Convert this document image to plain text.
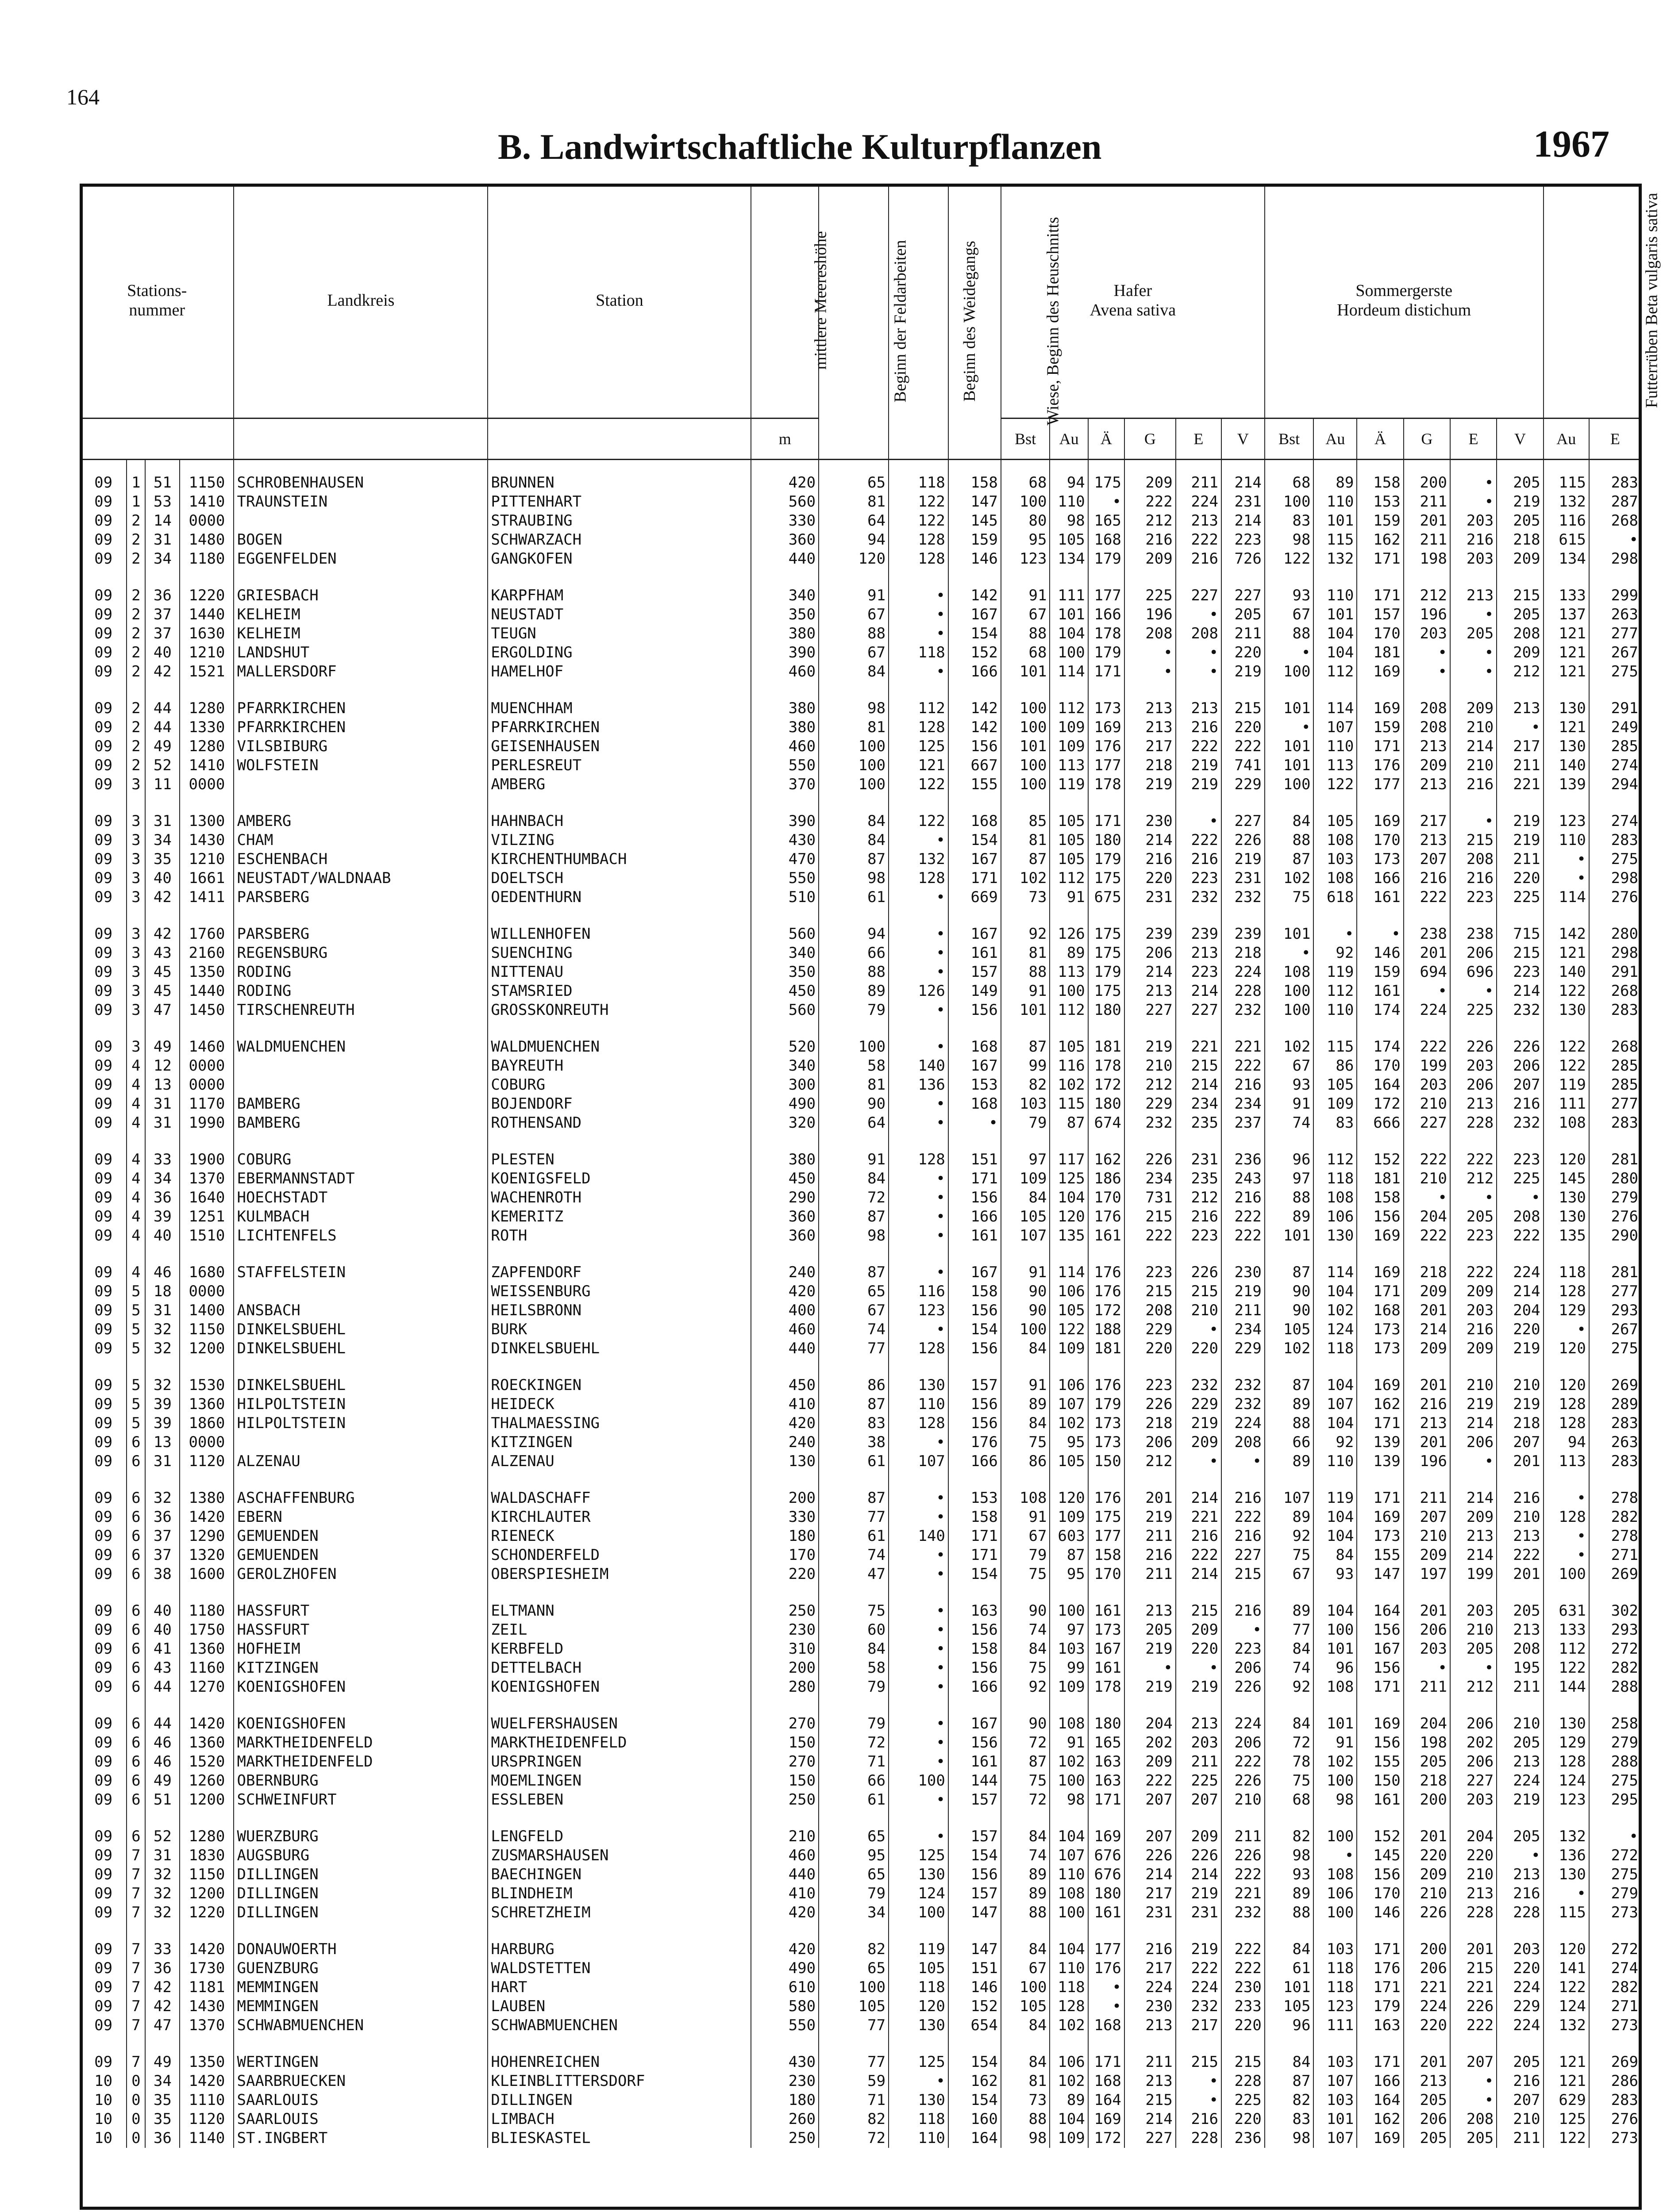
164
B. Landwirtschaftliche Kulturpflanzen	1967
Stations-
nummer				Landkreis	Station	mittlere Meereshöhe	Beginn der Feldarbeiten	Beginn des Weidegangs	Wiese, Beginn des Heuschnitts	Hafer
Avena sativa						Sommergerste
Hordeum distichum						Futterrüben Beta vulgaris sativa	
						m				Bst	Au	Ä	G	E	V	Bst	Au	Ä	G	E	V	Au	E
09	1	51	1150	SCHROBENHAUSEN	BRUNNEN	420	65	118	158	68	94	175	209	211	214	68	89	158	200	•	205	115	283
09	1	53	1410	TRAUNSTEIN	PITTENHART	560	81	122	147	100	110	•	222	224	231	100	110	153	211	•	219	132	287
09	2	14	0000		STRAUBING	330	64	122	145	80	98	165	212	213	214	83	101	159	201	203	205	116	268
09	2	31	1480	BOGEN	SCHWARZACH	360	94	128	159	95	105	168	216	222	223	98	115	162	211	216	218	615	•
09	2	34	1180	EGGENFELDEN	GANGKOFEN	440	120	128	146	123	134	179	209	216	726	122	132	171	198	203	209	134	298

09	2	36	1220	GRIESBACH	KARPFHAM	340	91	•	142	91	111	177	225	227	227	93	110	171	212	213	215	133	299
09	2	37	1440	KELHEIM	NEUSTADT	350	67	•	167	67	101	166	196	•	205	67	101	157	196	•	205	137	263
09	2	37	1630	KELHEIM	TEUGN	380	88	•	154	88	104	178	208	208	211	88	104	170	203	205	208	121	277
09	2	40	1210	LANDSHUT	ERGOLDING	390	67	118	152	68	100	179	•	•	220	•	104	181	•	•	209	121	267
09	2	42	1521	MALLERSDORF	HAMELHOF	460	84	•	166	101	114	171	•	•	219	100	112	169	•	•	212	121	275

09	2	44	1280	PFARRKIRCHEN	MUENCHHAM	380	98	112	142	100	112	173	213	213	215	101	114	169	208	209	213	130	291
09	2	44	1330	PFARRKIRCHEN	PFARRKIRCHEN	380	81	128	142	100	109	169	213	216	220	•	107	159	208	210	•	121	249
09	2	49	1280	VILSBIBURG	GEISENHAUSEN	460	100	125	156	101	109	176	217	222	222	101	110	171	213	214	217	130	285
09	2	52	1410	WOLFSTEIN	PERLESREUT	550	100	121	667	100	113	177	218	219	741	101	113	176	209	210	211	140	274
09	3	11	0000		AMBERG	370	100	122	155	100	119	178	219	219	229	100	122	177	213	216	221	139	294

09	3	31	1300	AMBERG	HAHNBACH	390	84	122	168	85	105	171	230	•	227	84	105	169	217	•	219	123	274
09	3	34	1430	CHAM	VILZING	430	84	•	154	81	105	180	214	222	226	88	108	170	213	215	219	110	283
09	3	35	1210	ESCHENBACH	KIRCHENTHUMBACH	470	87	132	167	87	105	179	216	216	219	87	103	173	207	208	211	•	275
09	3	40	1661	NEUSTADT/WALDNAAB	DOELTSCH	550	98	128	171	102	112	175	220	223	231	102	108	166	216	216	220	•	298
09	3	42	1411	PARSBERG	OEDENTHURN	510	61	•	669	73	91	675	231	232	232	75	618	161	222	223	225	114	276

09	3	42	1760	PARSBERG	WILLENHOFEN	560	94	•	167	92	126	175	239	239	239	101	•	•	238	238	715	142	280
09	3	43	2160	REGENSBURG	SUENCHING	340	66	•	161	81	89	175	206	213	218	•	92	146	201	206	215	121	298
09	3	45	1350	RODING	NITTENAU	350	88	•	157	88	113	179	214	223	224	108	119	159	694	696	223	140	291
09	3	45	1440	RODING	STAMSRIED	450	89	126	149	91	100	175	213	214	228	100	112	161	•	•	214	122	268
09	3	47	1450	TIRSCHENREUTH	GROSSKONREUTH	560	79	•	156	101	112	180	227	227	232	100	110	174	224	225	232	130	283

09	3	49	1460	WALDMUENCHEN	WALDMUENCHEN	520	100	•	168	87	105	181	219	221	221	102	115	174	222	226	226	122	268
09	4	12	0000		BAYREUTH	340	58	140	167	99	116	178	210	215	222	67	86	170	199	203	206	122	285
09	4	13	0000		COBURG	300	81	136	153	82	102	172	212	214	216	93	105	164	203	206	207	119	285
09	4	31	1170	BAMBERG	BOJENDORF	490	90	•	168	103	115	180	229	234	234	91	109	172	210	213	216	111	277
09	4	31	1990	BAMBERG	ROTHENSAND	320	64	•	•	79	87	674	232	235	237	74	83	666	227	228	232	108	283

09	4	33	1900	COBURG	PLESTEN	380	91	128	151	97	117	162	226	231	236	96	112	152	222	222	223	120	281
09	4	34	1370	EBERMANNSTADT	KOENIGSFELD	450	84	•	171	109	125	186	234	235	243	97	118	181	210	212	225	145	280
09	4	36	1640	HOECHSTADT	WACHENROTH	290	72	•	156	84	104	170	731	212	216	88	108	158	•	•	•	130	279
09	4	39	1251	KULMBACH	KEMERITZ	360	87	•	166	105	120	176	215	216	222	89	106	156	204	205	208	130	276
09	4	40	1510	LICHTENFELS	ROTH	360	98	•	161	107	135	161	222	223	222	101	130	169	222	223	222	135	290

09	4	46	1680	STAFFELSTEIN	ZAPFENDORF	240	87	•	167	91	114	176	223	226	230	87	114	169	218	222	224	118	281
09	5	18	0000		WEISSENBURG	420	65	116	158	90	106	176	215	215	219	90	104	171	209	209	214	128	277
09	5	31	1400	ANSBACH	HEILSBRONN	400	67	123	156	90	105	172	208	210	211	90	102	168	201	203	204	129	293
09	5	32	1150	DINKELSBUEHL	BURK	460	74	•	154	100	122	188	229	•	234	105	124	173	214	216	220	•	267
09	5	32	1200	DINKELSBUEHL	DINKELSBUEHL	440	77	128	156	84	109	181	220	220	229	102	118	173	209	209	219	120	275

09	5	32	1530	DINKELSBUEHL	ROECKINGEN	450	86	130	157	91	106	176	223	232	232	87	104	169	201	210	210	120	269
09	5	39	1360	HILPOLTSTEIN	HEIDECK	410	87	110	156	89	107	179	226	229	232	89	107	162	216	219	219	128	289
09	5	39	1860	HILPOLTSTEIN	THALMAESSING	420	83	128	156	84	102	173	218	219	224	88	104	171	213	214	218	128	283
09	6	13	0000		KITZINGEN	240	38	•	176	75	95	173	206	209	208	66	92	139	201	206	207	94	263
09	6	31	1120	ALZENAU	ALZENAU	130	61	107	166	86	105	150	212	•	•	89	110	139	196	•	201	113	283

09	6	32	1380	ASCHAFFENBURG	WALDASCHAFF	200	87	•	153	108	120	176	201	214	216	107	119	171	211	214	216	•	278
09	6	36	1420	EBERN	KIRCHLAUTER	330	77	•	158	91	109	175	219	221	222	89	104	169	207	209	210	128	282
09	6	37	1290	GEMUENDEN	RIENECK	180	61	140	171	67	603	177	211	216	216	92	104	173	210	213	213	•	278
09	6	37	1320	GEMUENDEN	SCHONDERFELD	170	74	•	171	79	87	158	216	222	227	75	84	155	209	214	222	•	271
09	6	38	1600	GEROLZHOFEN	OBERSPIESHEIM	220	47	•	154	75	95	170	211	214	215	67	93	147	197	199	201	100	269

09	6	40	1180	HASSFURT	ELTMANN	250	75	•	163	90	100	161	213	215	216	89	104	164	201	203	205	631	302
09	6	40	1750	HASSFURT	ZEIL	230	60	•	156	74	97	173	205	209	•	77	100	156	206	210	213	133	293
09	6	41	1360	HOFHEIM	KERBFELD	310	84	•	158	84	103	167	219	220	223	84	101	167	203	205	208	112	272
09	6	43	1160	KITZINGEN	DETTELBACH	200	58	•	156	75	99	161	•	•	206	74	96	156	•	•	195	122	282
09	6	44	1270	KOENIGSHOFEN	KOENIGSHOFEN	280	79	•	166	92	109	178	219	219	226	92	108	171	211	212	211	144	288

09	6	44	1420	KOENIGSHOFEN	WUELFERSHAUSEN	270	79	•	167	90	108	180	204	213	224	84	101	169	204	206	210	130	258
09	6	46	1360	MARKTHEIDENFELD	MARKTHEIDENFELD	150	72	•	156	72	91	165	202	203	206	72	91	156	198	202	205	129	279
09	6	46	1520	MARKTHEIDENFELD	URSPRINGEN	270	71	•	161	87	102	163	209	211	222	78	102	155	205	206	213	128	288
09	6	49	1260	OBERNBURG	MOEMLINGEN	150	66	100	144	75	100	163	222	225	226	75	100	150	218	227	224	124	275
09	6	51	1200	SCHWEINFURT	ESSLEBEN	250	61	•	157	72	98	171	207	207	210	68	98	161	200	203	219	123	295

09	6	52	1280	WUERZBURG	LENGFELD	210	65	•	157	84	104	169	207	209	211	82	100	152	201	204	205	132	•
09	7	31	1830	AUGSBURG	ZUSMARSHAUSEN	460	95	125	154	74	107	676	226	226	226	98	•	145	220	220	•	136	272
09	7	32	1150	DILLINGEN	BAECHINGEN	440	65	130	156	89	110	676	214	214	222	93	108	156	209	210	213	130	275
09	7	32	1200	DILLINGEN	BLINDHEIM	410	79	124	157	89	108	180	217	219	221	89	106	170	210	213	216	•	279
09	7	32	1220	DILLINGEN	SCHRETZHEIM	420	34	100	147	88	100	161	231	231	232	88	100	146	226	228	228	115	273

09	7	33	1420	DONAUWOERTH	HARBURG	420	82	119	147	84	104	177	216	219	222	84	103	171	200	201	203	120	272
09	7	36	1730	GUENZBURG	WALDSTETTEN	490	65	105	151	67	110	176	217	222	222	61	118	176	206	215	220	141	274
09	7	42	1181	MEMMINGEN	HART	610	100	118	146	100	118	•	224	224	230	101	118	171	221	221	224	122	282
09	7	42	1430	MEMMINGEN	LAUBEN	580	105	120	152	105	128	•	230	232	233	105	123	179	224	226	229	124	271
09	7	47	1370	SCHWABMUENCHEN	SCHWABMUENCHEN	550	77	130	654	84	102	168	213	217	220	96	111	163	220	222	224	132	273

09	7	49	1350	WERTINGEN	HOHENREICHEN	430	77	125	154	84	106	171	211	215	215	84	103	171	201	207	205	121	269
10	0	34	1420	SAARBRUECKEN	KLEINBLITTERSDORF	230	59	•	162	81	102	168	213	•	228	87	107	166	213	•	216	121	286
10	0	35	1110	SAARLOUIS	DILLINGEN	180	71	130	154	73	89	164	215	•	225	82	103	164	205	•	207	629	283
10	0	35	1120	SAARLOUIS	LIMBACH	260	82	118	160	88	104	169	214	216	220	83	101	162	206	208	210	125	276
10	0	36	1140	ST.INGBERT	BLIESKASTEL	250	72	110	164	98	109	172	227	228	236	98	107	169	205	205	211	122	273
